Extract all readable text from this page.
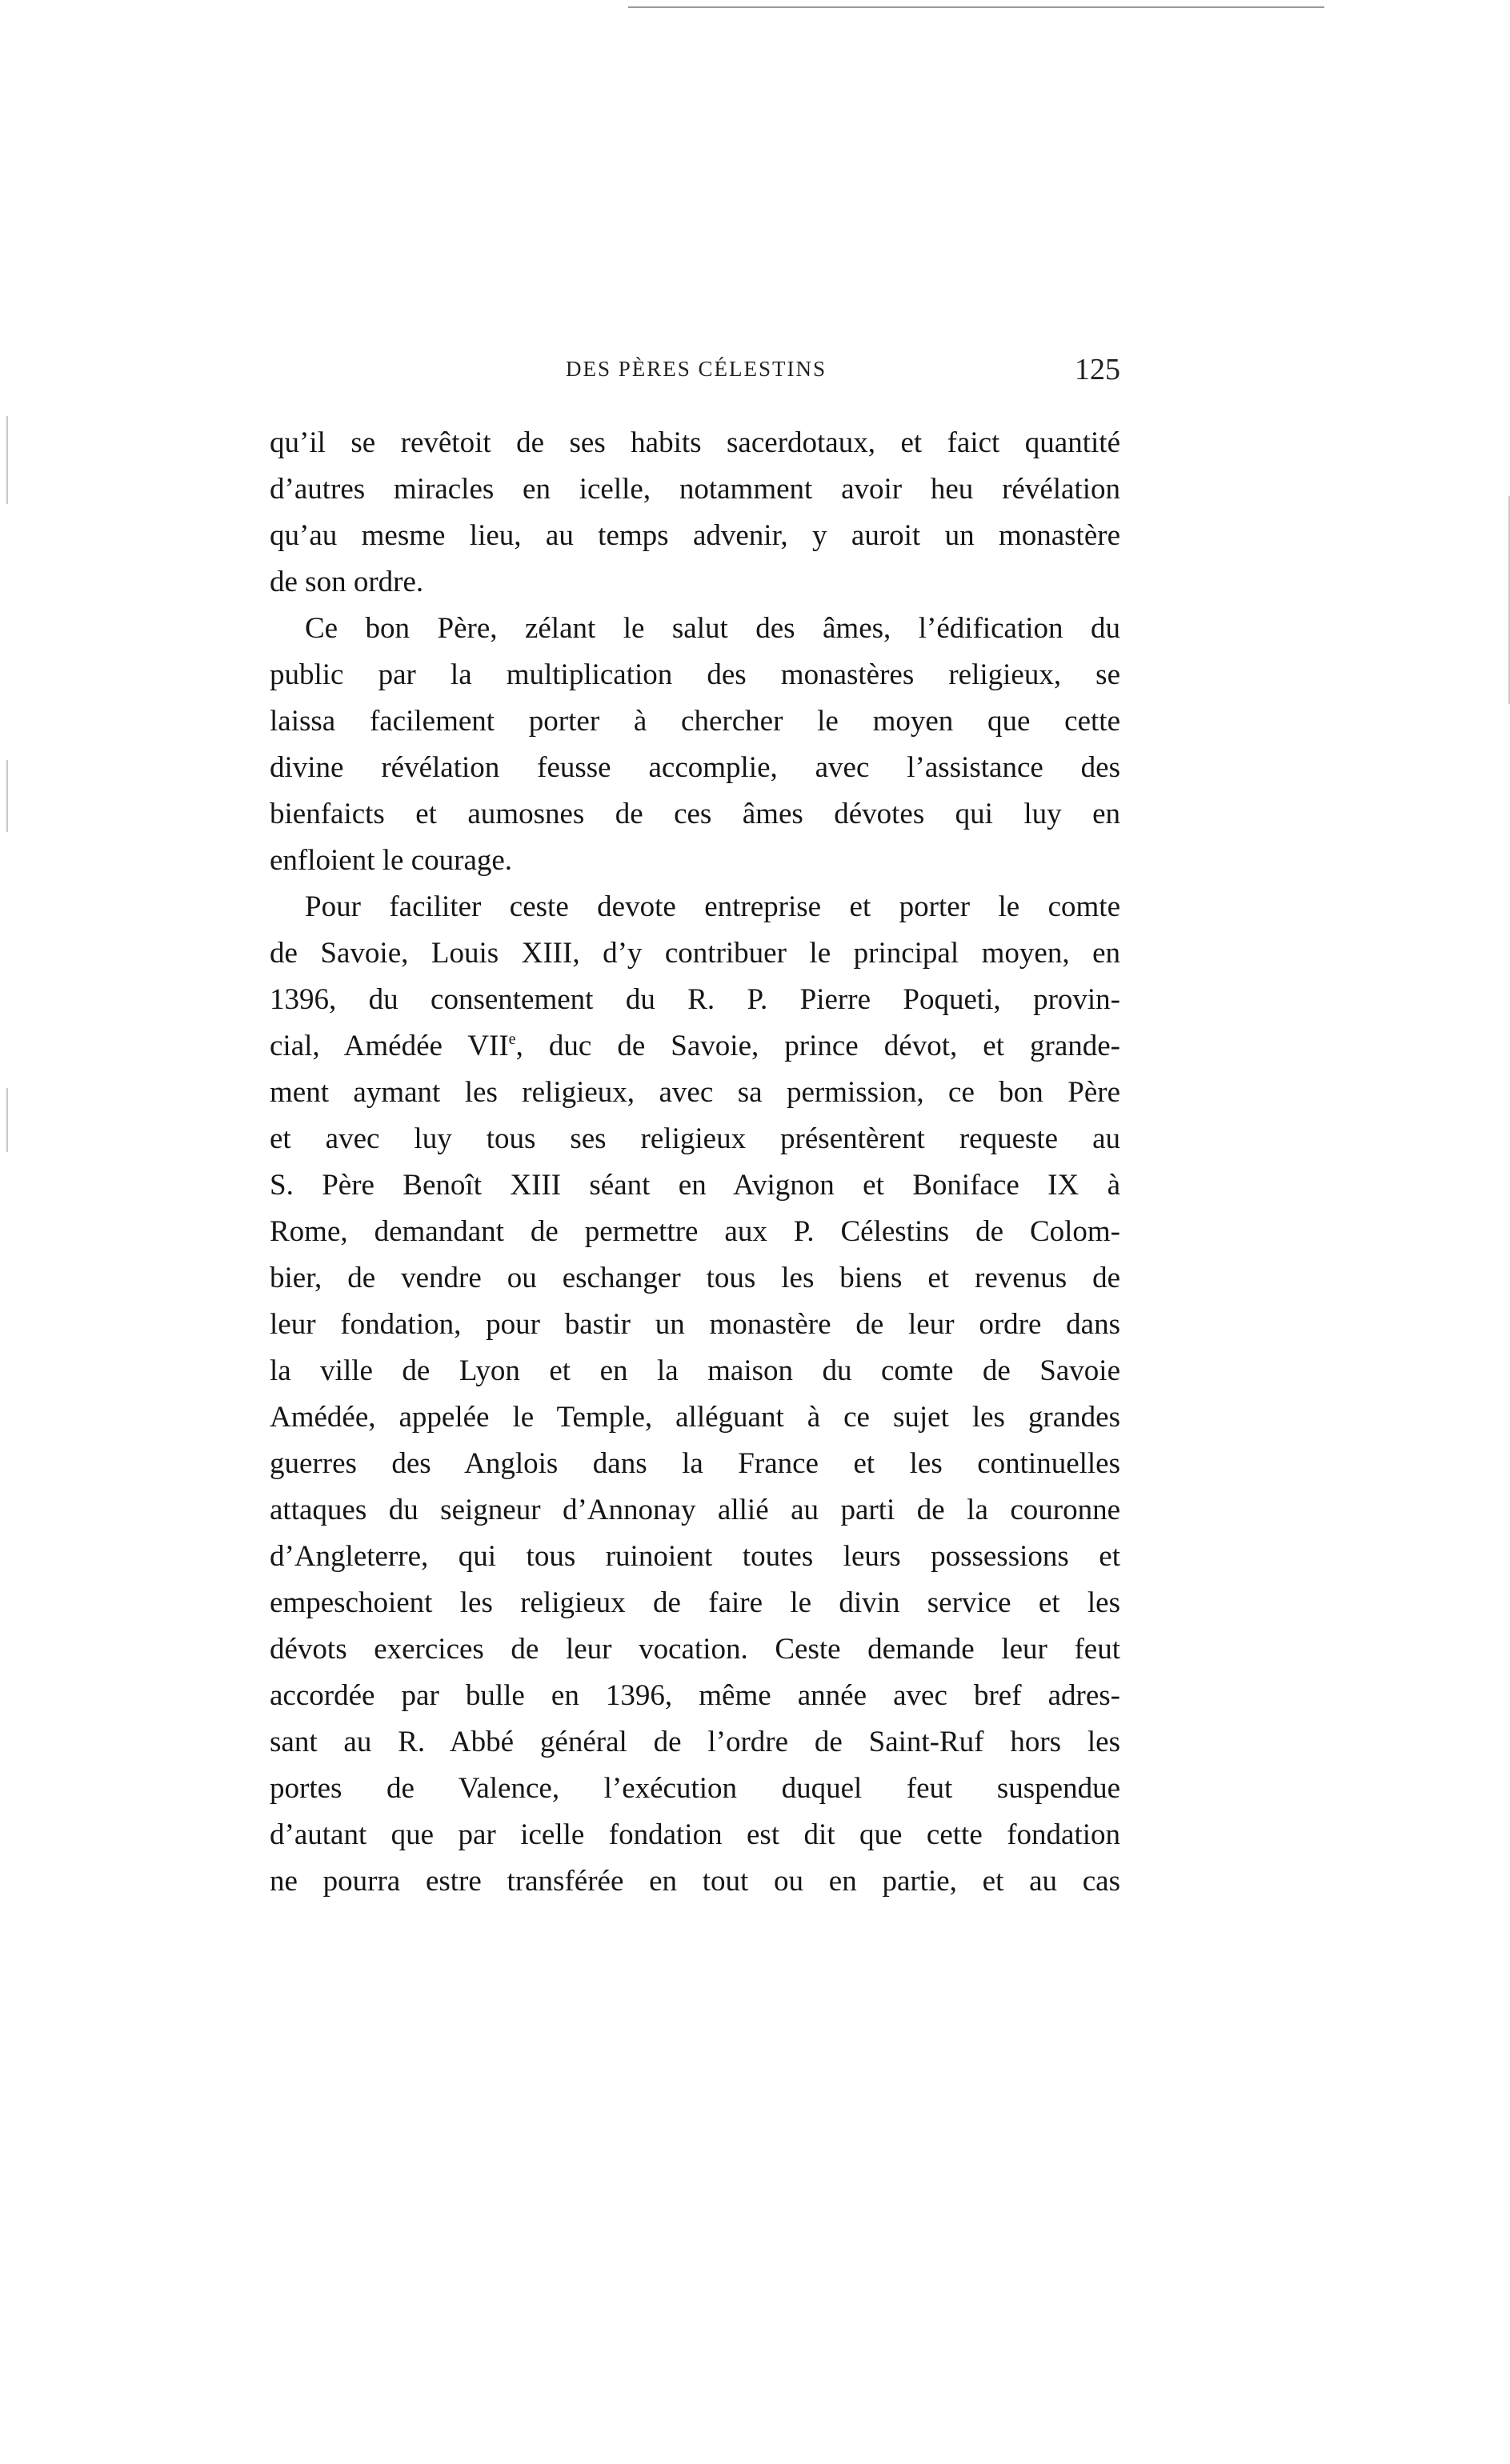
DES PÈRES CÉLESTINS	125
qu’il se revêtoit de ses habits sacerdotaux, et faict quantité
d’autres miracles en icelle, notamment avoir heu révélation
qu’au mesme lieu, au temps advenir, y auroit un monastère
de son ordre.
Ce bon Père, zélant le salut des âmes, l’édification du
public par la multiplication des monastères religieux, se
laissa facilement porter à chercher le moyen que cette
divine révélation feusse accomplie, avec l’assistance des
bienfaicts et aumosnes de ces âmes dévotes qui luy en
enfloient le courage.
Pour faciliter ceste devote entreprise et porter le comte
de Savoie, Louis XIII, d’y contribuer le principal moyen, en
1396, du consentement du R. P. Pierre Poqueti, provin-
cial, Amédée VIIe, duc de Savoie, prince dévot, et grande-
ment aymant les religieux, avec sa permission, ce bon Père
et avec luy tous ses religieux présentèrent requeste au
S. Père Benoît XIII séant en Avignon et Boniface IX à
Rome, demandant de permettre aux P. Célestins de Colom-
bier, de vendre ou eschanger tous les biens et revenus de
leur fondation, pour bastir un monastère de leur ordre dans
la ville de Lyon et en la maison du comte de Savoie
Amédée, appelée le Temple, alléguant à ce sujet les grandes
guerres des Anglois dans la France et les continuelles
attaques du seigneur d’Annonay allié au parti de la couronne
d’Angleterre, qui tous ruinoient toutes leurs possessions et
empeschoient les religieux de faire le divin service et les
dévots exercices de leur vocation. Ceste demande leur feut
accordée par bulle en 1396, même année avec bref adres-
sant au R. Abbé général de l’ordre de Saint-Ruf hors les
portes de Valence, l’exécution duquel feut suspendue
d’autant que par icelle fondation est dit que cette fondation
ne pourra estre transférée en tout ou en partie, et au cas
